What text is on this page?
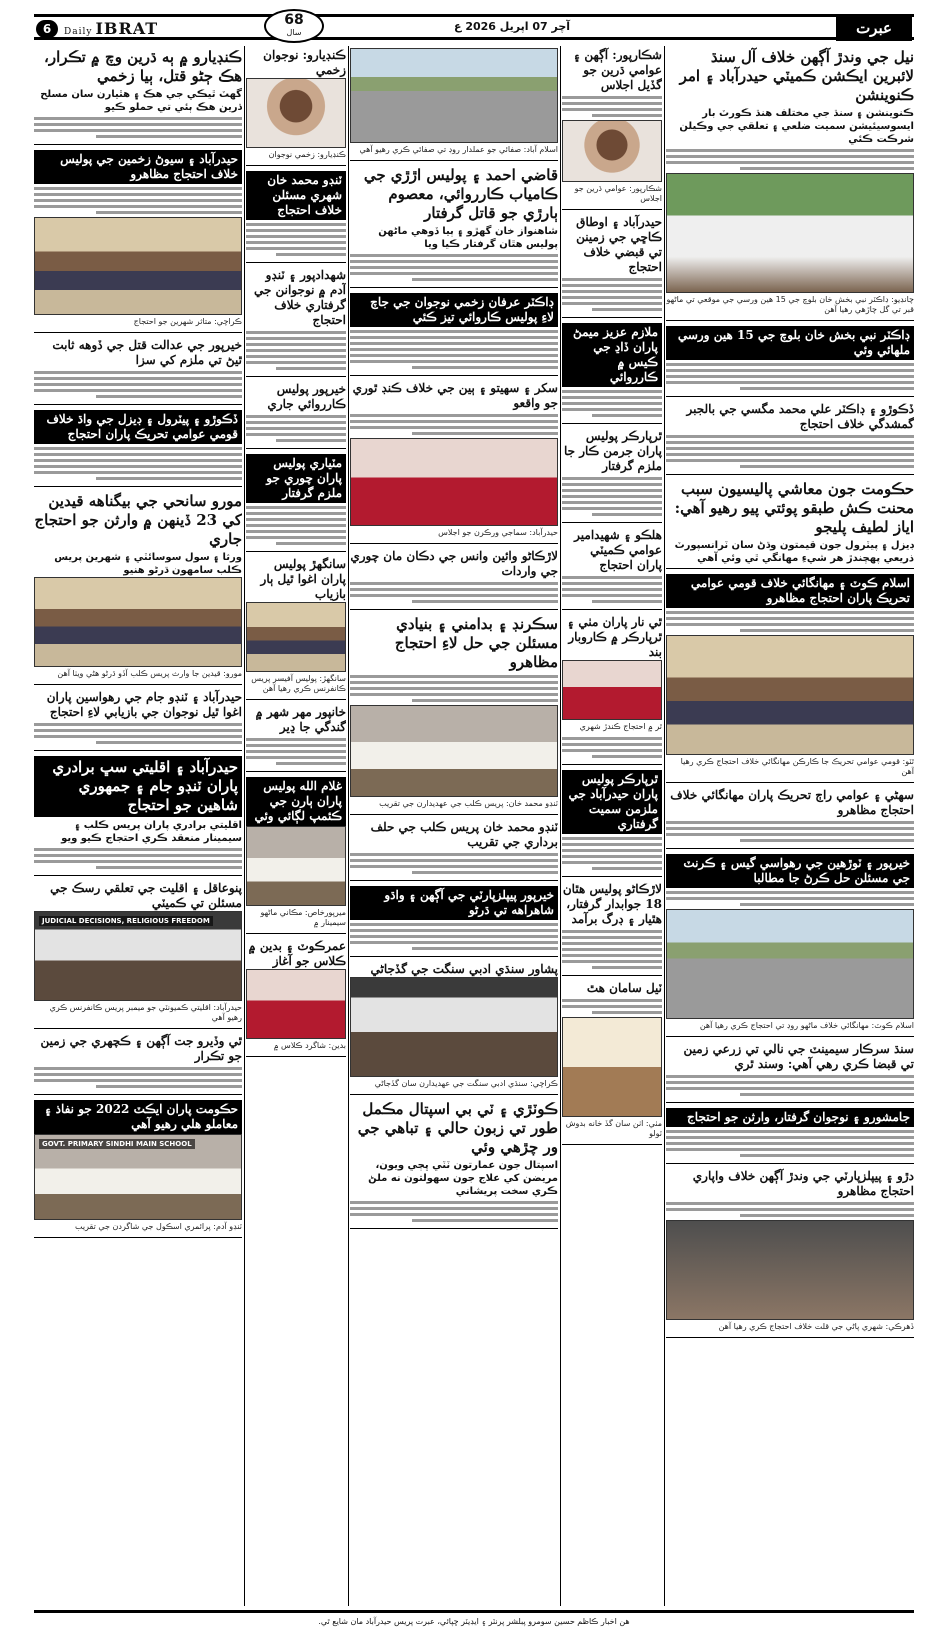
6	Daily IBRAT	68
سال	آچر 07 اپريل 2026 ع	عبرت
نيل جي وندڙ آڳهن خلاف آل سنڌ لائبرين ايڪشن ڪميٽي حيدرآباد ۽ امر ڪنوينشن
ڪنوينشن ۽ سنڌ جي مختلف هنڌ ڪورٽ بار ايسوسيئيشن سميت ضلعي ۽ تعلقي جي وڪيلن شرڪت ڪئي
چانڊيو: ڊاڪٽر نبي بخش خان بلوچ جي 15 هين ورسي جي موقعي تي ماڻهو قبر تي گل چاڙهي رهيا آهن
ڊاڪٽر نبي بخش خان بلوچ جي 15 هين ورسي ملهائي وئي
ڏڪوڙو ۽ ڊاڪٽر علي محمد مگسي جي بالجبر گمشدگي خلاف احتجاج
حڪومت جون معاشي پاليسيون سبب محنت ڪش طبقو پوئتي پيو رهيو آهي: اياز لطيف پليجو
ڊيزل ۽ پيٽرول جون قيمتون وڌڻ سان ٽرانسپورٽ ذريعي پهچندڙ هر شيءِ مهانگي ٿي وئي آهي
اسلام ڪوٽ ۽ مهانگائي خلاف قومي عوامي تحريڪ پاران احتجاج مظاهرو
ٿٽو: قومي عوامي تحريڪ جا ڪارڪن مهانگائي خلاف احتجاج ڪري رهيا آهن
سهڻي ۽ عوامي راڄ تحريڪ پاران مهانگائي خلاف احتجاج مظاهرو
خيرپور ۽ ٽوڙهين جي رهواسي گيس ۽ ڪرنٽ جي مسئلن حل ڪرڻ جا مطالبا
اسلام ڪوٽ: مهانگائي خلاف ماڻهو روڊ تي احتجاج ڪري رهيا آهن
سنڌ سرڪار سيمينٽ جي نالي تي زرعي زمين تي قبضا ڪري رهي آهي: وسند ٿري
جامشورو ۽ نوجوان گرفتار، وارثن جو احتجاج
دڙو ۽ پيپلزپارٽي جي وندڙ آڳهن خلاف واپاري احتجاج مظاهرو
ڏهرڪي: شهري پاڻي جي قلت خلاف احتجاج ڪري رهيا آهن
شڪارپور: آڳهن ۽ عوامي ڌرين جو گڏيل اجلاس
شڪارپور: عوامي ڌرين جو اجلاس
حيدرآباد ۽ اوطاق ڪاڇي جي زمينن تي قبضي خلاف احتجاج
ملازم عزيز ميمڻ پاران ڏاڍ جي ڪيس ۾ ڪارروائي
ٿرپارڪر پوليس پاران جرمن ڪار جا ملزم گرفتار
هلڪو ۽ شهيدامير عوامي ڪميٽي پاران احتجاج
ٿي نار پاران مٺي ۽ ٿرپارڪر ۾ ڪاروبار بند
ٿر ۾ احتجاج ڪندڙ شهري
ٿرپارڪر پوليس پاران حيدرآباد جي ملزمن سميت گرفتاري
لاڙڪاڻو پوليس هٿان 18 جوابدار گرفتار، هٿيار ۽ ڊرگ برآمد
ٽيل سامان هٿ
مٺي: اٺن سان گڏ خانه بدوش ٽولو
اسلام آباد: صفائي جو عملدار روڊ تي صفائي ڪري رهيو آهي
قاضي احمد ۽ پوليس اڙڙي جي ڪامياب ڪارروائي، معصوم ٻارڙي جو قاتل گرفتار
شاهنواز خان گهڙو ۽ ٻيا ڏوهي ماڻهن پوليس هٿان گرفتار ڪيا ويا
ڊاڪٽر عرفان زخمي نوجوان جي جاچ لاءِ پوليس ڪاروائي تيز ڪئي
سکر ۽ سهيتو ۽ ٻين جي خلاف ڪنڊ ٿوري جو واقعو
حيدرآباد: سماجي ورڪرن جو اجلاس
لاڙڪاڻو وائين وانس جي دڪان مان چوري جي واردات
سڪرنڊ ۽ بدامني ۽ بنيادي مسئلن جي حل لاءِ احتجاج مظاهرو
ٽنڊو محمد خان: پريس ڪلب جي عهديدارن جي تقريب
ٽنڊو محمد خان پريس ڪلب جي حلف برداري جي تقريب
خيرپور پيپلزپارٽي جي آڳهن ۽ واڌو شاهراهه تي ڌرڻو
پشاور سنڌي ادبي سنگت جي گڏجاڻي
ڪراچي: سنڌي ادبي سنگت جي عهديدارن سان گڏجاڻي
ڪوٽڙي ۽ ٽي بي اسپتال مڪمل طور تي زبون حالي ۽ تباهي جي ور چڙهي وئي
اسپتال جون عمارتون ٽٽي ڀڄي ويون، مريضن کي علاج جون سهولتون نه ملڻ ڪري سخت پريشاني
ڪنڊيارو: نوجوان زخمي
ڪنڊيارو: زخمي نوجوان
ٽنڊو محمد خان شهري مسئلن خلاف احتجاج
شهدادپور ۽ ٽنڊو آدم ۾ نوجوانن جي گرفتاري خلاف احتجاج
خيرپور پوليس ڪارروائي جاري
مٽياري پوليس پاران چوري جو ملزم گرفتار
سانگهڙ پوليس پاران اغوا ٿيل ٻار بازياب
سانگهڙ: پوليس آفيسر پريس ڪانفرنس ڪري رهيا آهن
خانپور مهر شهر ۾ گندگي جا ڍير
غلام الله پوليس پاران ٻارن جي ڪئمپ لڳائي وئي
ميرپورخاص: مڪاني ماڻهو سيمينار ۾
عمرڪوٽ ۽ بدين ۾ ڪلاس جو آغاز
بدين: شاگرد ڪلاس ۾
ڪنڊيارو ۾ ٻه ڌرين وچ ۾ تڪرار، هڪ ڄڻو قتل، ٻيا زخمي
گهٽ ٿيڪي جي هڪ ۽ هٿيارن سان مسلح ڌرين هڪ ٻئي تي حملو ڪيو
حيدرآباد ۽ سيوڻ زخمين جي پوليس خلاف احتجاج مظاهرو
ڪراچي: متاثر شهرين جو احتجاج
خيرپور جي عدالت قتل جي ڏوهه ثابت ٿيڻ تي ملزم کي سزا
ڏڪوڙو ۽ پيٽرول ۽ ڊيزل جي واڌ خلاف قومي عوامي تحريڪ پاران احتجاج
مورو سانحي جي بيگناهه قيدين کي 23 ڏينهن ۾ وارثن جو احتجاج جاري
ورثا ۽ سول سوسائٽي ۽ شهرين پريس ڪلب سامهون ڌرڻو هنيو
مورو: قيدين جا وارث پريس ڪلب آڏو ڌرڻو هڻي ويٺا آهن
حيدرآباد ۽ ٽنڊو جام جي رهواسين پاران اغوا ٿيل نوجوان جي بازيابي لاءِ احتجاج
حيدرآباد ۽ اقليتي سڀ برادري پاران ٽنڊو جام ۽ جمهوري شاهين جو احتجاج
اقليتي برادري پاران پريس ڪلب ۽ سيمينار منعقد ڪري احتجاج ڪيو ويو
پنوعاقل ۽ اقليت جي تعلقي رسڪ جي مسئلن تي ڪميٽي
JUDICIAL DECISIONS, RELIGIOUS FREEDOM
حيدرآباد: اقليتي ڪميونٽي جو ميمبر پريس ڪانفرنس ڪري رهيو آهي
ٿي وڏيرو جت آڳهن ۽ ڪچهري جي زمين جو تڪرار
حڪومت پاران ايڪٽ 2022 جو نفاذ ۽ معاملو هلي رهيو آهي
GOVT. PRIMARY SINDHI MAIN SCHOOL
ٽنڊو آدم: پرائمري اسڪول جي شاگردن جي تقريب
هن اخبار ڪاظم حسين سومرو پبلشر پرنٽر ۽ ايڊيٽر ڇپائي، عبرت پريس حيدرآباد مان شايع ٿي.
